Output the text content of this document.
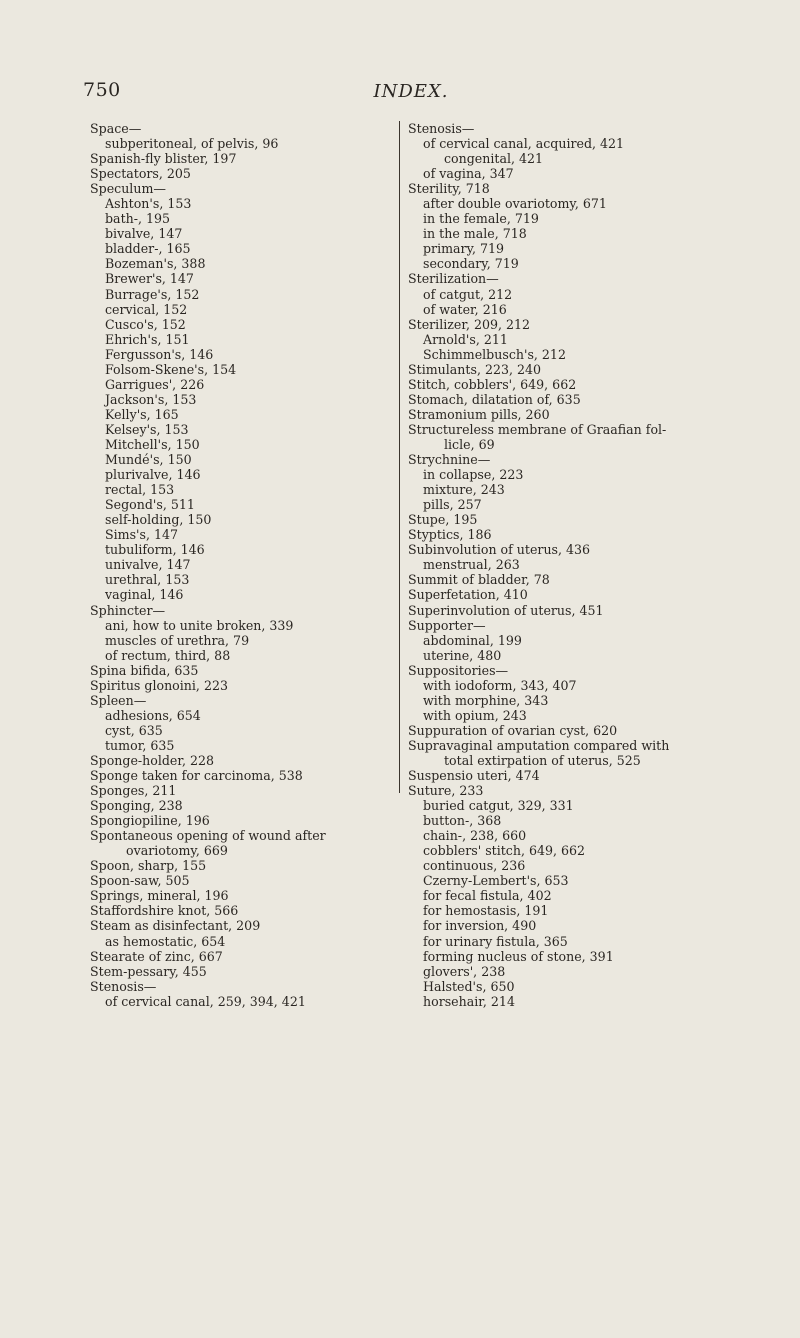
750	INDEX.
Space—
subperitoneal, of pelvis, 96
Spanish-fly blister, 197
Spectators, 205
Speculum—
Ashton's, 153
bath-, 195
bivalve, 147
bladder-, 165
Bozeman's, 388
Brewer's, 147
Burrage's, 152
cervical, 152
Cusco's, 152
Ehrich's, 151
Fergusson's, 146
Folsom-Skene's, 154
Garrigues', 226
Jackson's, 153
Kelly's, 165
Kelsey's, 153
Mitchell's, 150
Mundé's, 150
plurivalve, 146
rectal, 153
Segond's, 511
self-holding, 150
Sims's, 147
tubuliform, 146
univalve, 147
urethral, 153
vaginal, 146
Sphincter—
ani, how to unite broken, 339
muscles of urethra, 79
of rectum, third, 88
Spina bifida, 635
Spiritus glonoini, 223
Spleen—
adhesions, 654
cyst, 635
tumor, 635
Sponge-holder, 228
Sponge taken for carcinoma, 538
Sponges, 211
Sponging, 238
Spongiopiline, 196
Spontaneous opening of wound after
ovariotomy, 669
Spoon, sharp, 155
Spoon-saw, 505
Springs, mineral, 196
Staffordshire knot, 566
Steam as disinfectant, 209
as hemostatic, 654
Stearate of zinc, 667
Stem-pessary, 455
Stenosis—
of cervical canal, 259, 394, 421
Stenosis—
of cervical canal, acquired, 421
congenital, 421
of vagina, 347
Sterility, 718
after double ovariotomy, 671
in the female, 719
in the male, 718
primary, 719
secondary, 719
Sterilization—
of catgut, 212
of water, 216
Sterilizer, 209, 212
Arnold's, 211
Schimmelbusch's, 212
Stimulants, 223, 240
Stitch, cobblers', 649, 662
Stomach, dilatation of, 635
Stramonium pills, 260
Structureless membrane of Graafian fol-
licle, 69
Strychnine—
in collapse, 223
mixture, 243
pills, 257
Stupe, 195
Styptics, 186
Subinvolution of uterus, 436
menstrual, 263
Summit of bladder, 78
Superfetation, 410
Superinvolution of uterus, 451
Supporter—
abdominal, 199
uterine, 480
Suppositories—
with iodoform, 343, 407
with morphine, 343
with opium, 243
Suppuration of ovarian cyst, 620
Supravaginal amputation compared with
total extirpation of uterus, 525
Suspensio uteri, 474
Suture, 233
buried catgut, 329, 331
button-, 368
chain-, 238, 660
cobblers' stitch, 649, 662
continuous, 236
Czerny-Lembert's, 653
for fecal fistula, 402
for hemostasis, 191
for inversion, 490
for urinary fistula, 365
forming nucleus of stone, 391
glovers', 238
Halsted's, 650
horsehair, 214
